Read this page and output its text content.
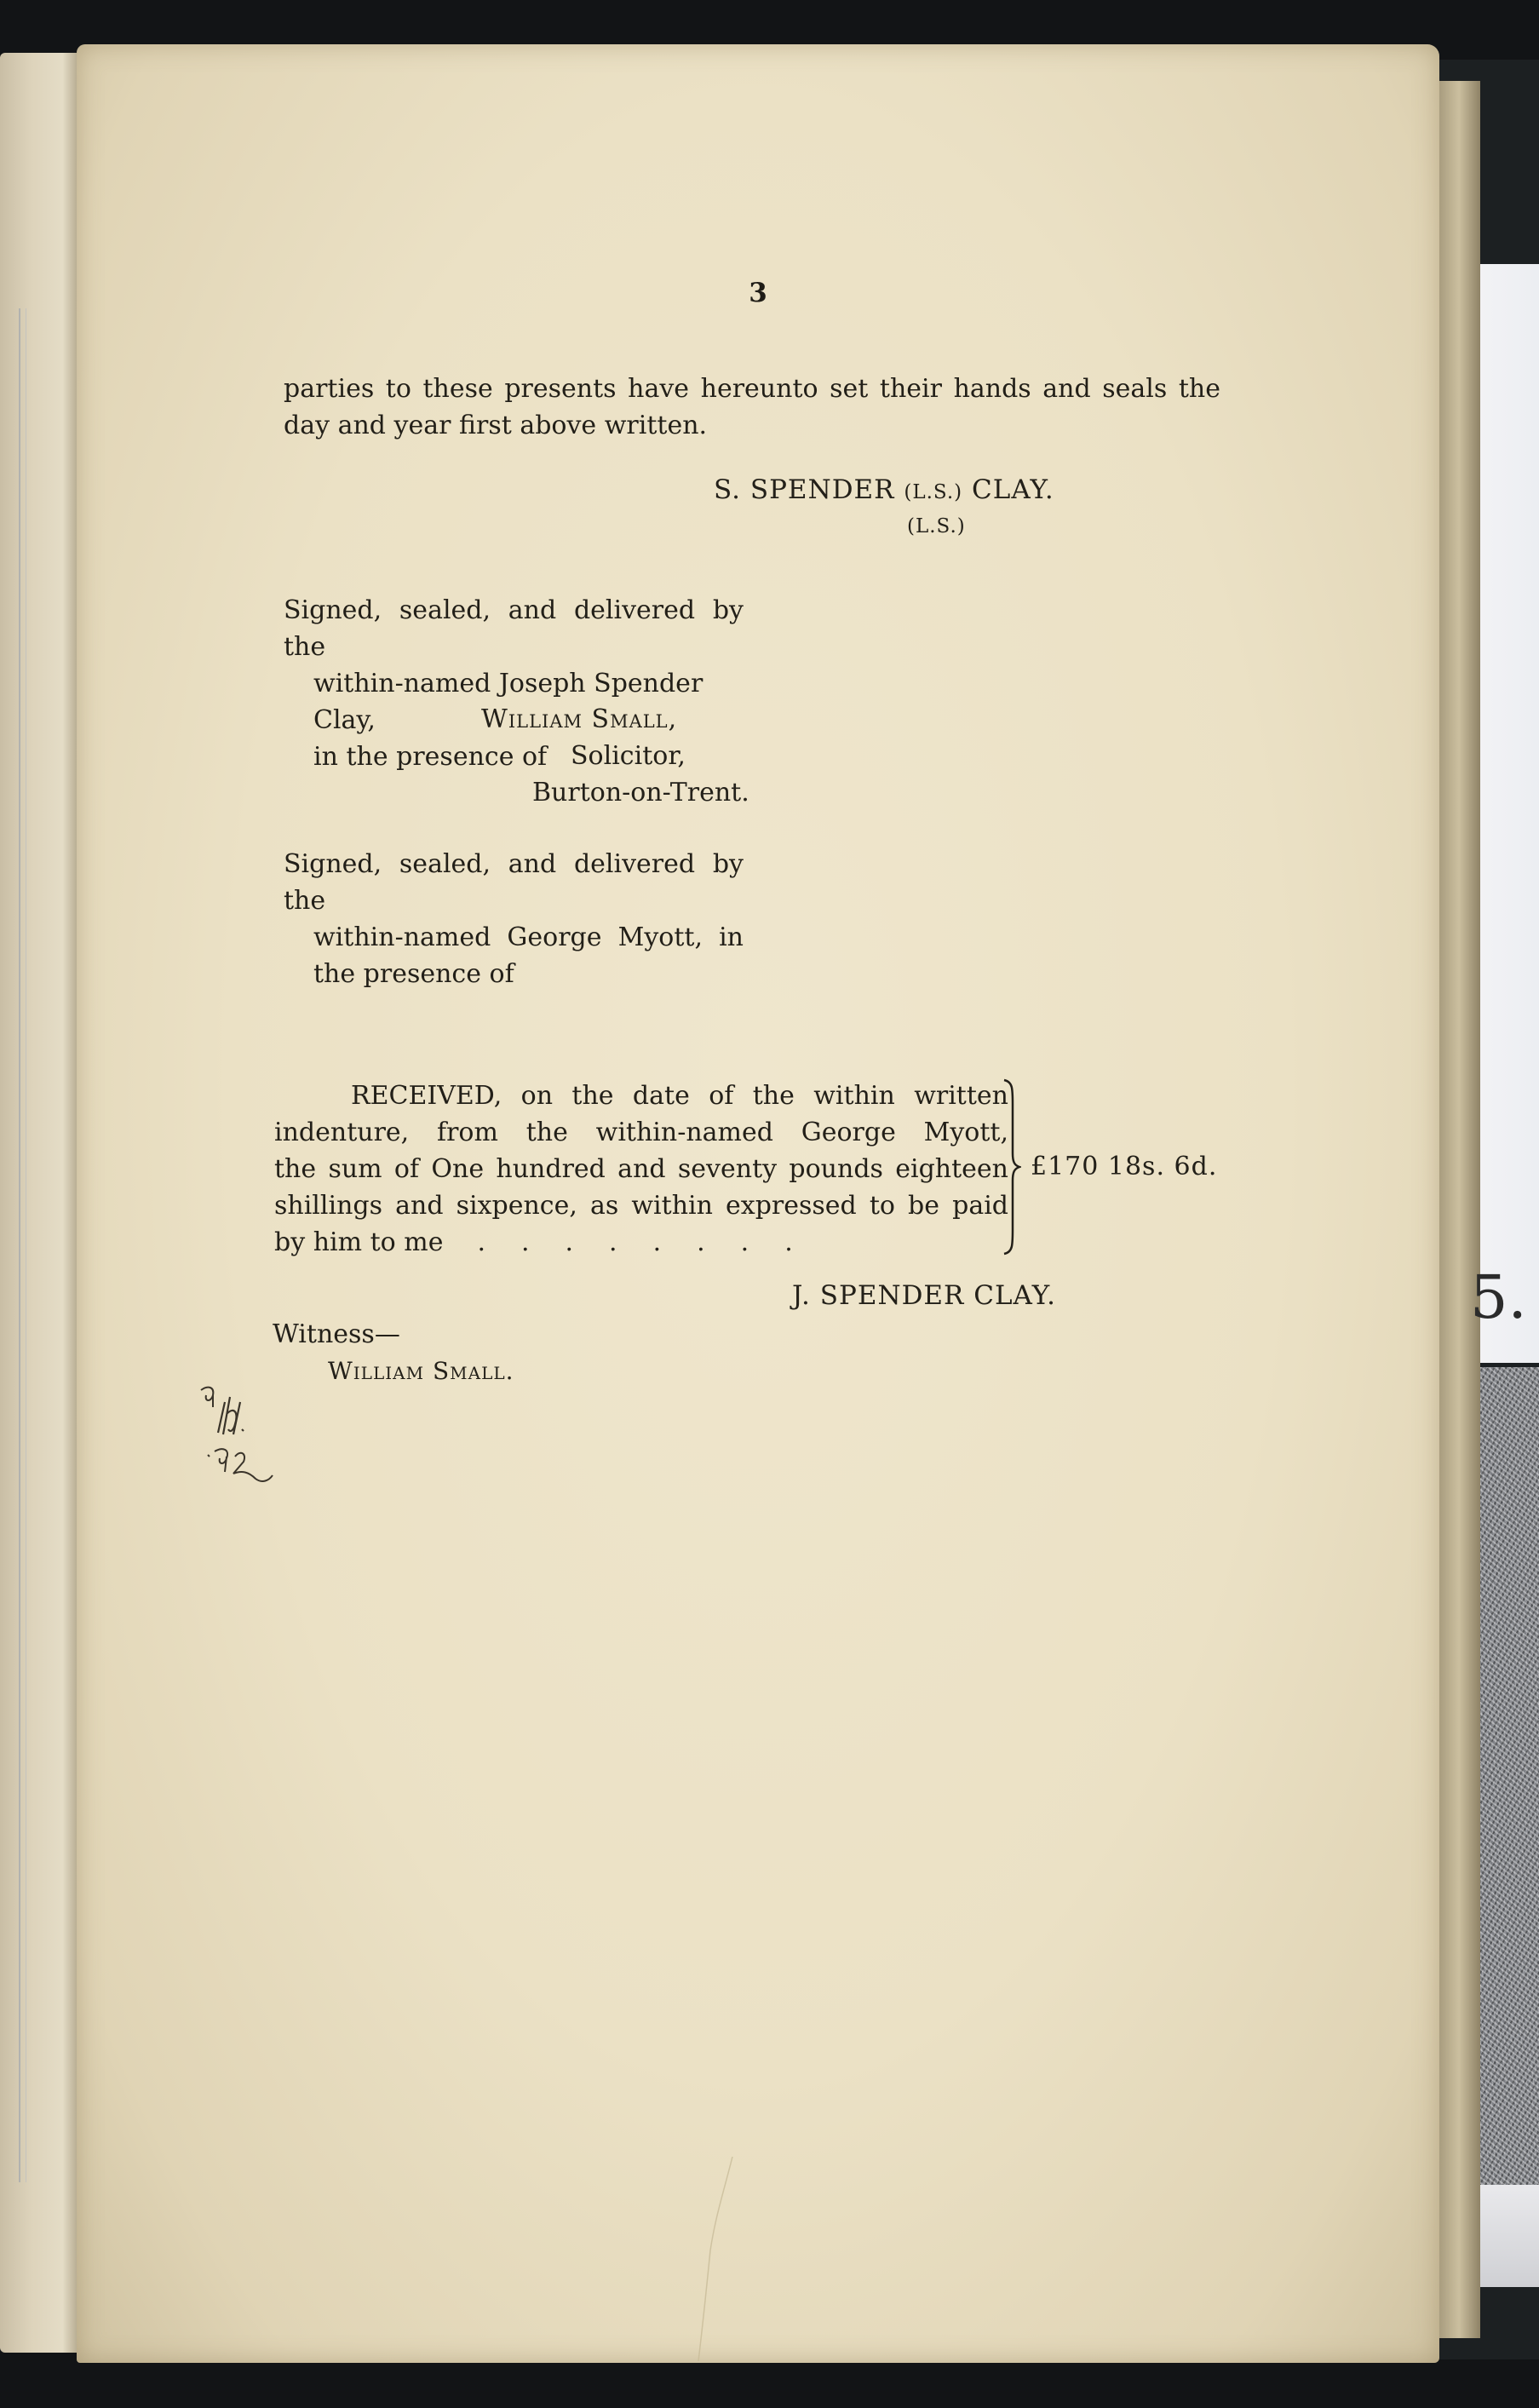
5.
3
parties to these presents have hereunto set their hands and seals the
day and year first above written.
S. SPENDER (L.S.) CLAY.
(L.S.)
Signed, sealed, and delivered by the
within-named Joseph Spender Clay,
in the presence of
William Small,
Solicitor,
Burton-on-Trent.
Signed, sealed, and delivered by the
within-named George Myott, in
the presence of
RECEIVED, on the date of the within written
indenture, from the within-named George Myott,
the sum of One hundred and seventy pounds eighteen
shillings and sixpence, as within expressed to be paid
by him to me ........
£170 18s. 6d.
J. SPENDER CLAY.
Witness—
William Small.
